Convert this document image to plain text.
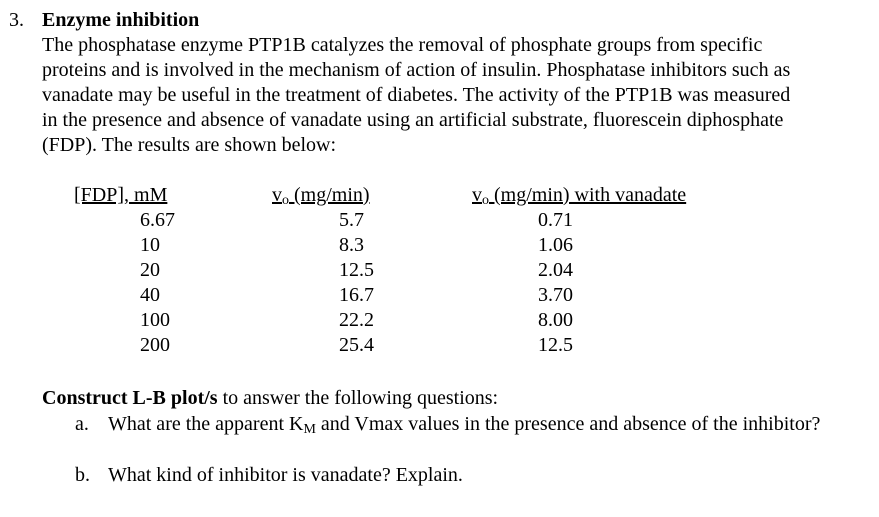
3. Enzyme inhibition
The phosphatase enzyme PTP1B catalyzes the removal of phosphate groups from specific
proteins and is involved in the mechanism of action of insulin. Phosphatase inhibitors such as
vanadate may be useful in the treatment of diabetes. The activity of the PTP1B was measured
in the presence and absence of vanadate using an artificial substrate, fluorescein diphosphate
(FDP). The results are shown below:
[FDP], mM
6.67
10
20
40
100
200
$v_o$ (mg/min)
5.7
8.3
12.5
16.7
22.2
25.4
$v_o$ (mg/min) with vanadate
0.71
1.06
2.04
3.70
8.00
12.5
Construct L-B plot/s to answer the following questions:
a. What are the apparent $K_M$ and Vmax values in the presence and absence of the inhibitor?
b. What kind of inhibitor is vanadate? Explain.
